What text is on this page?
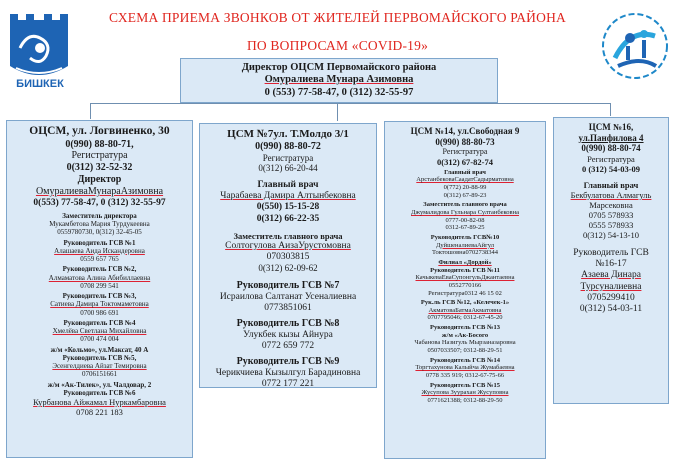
БИШКЕК
СХЕМА ПРИЕМА ЗВОНКОВ ОТ ЖИТЕЛЕЙ ПЕРВОМАЙСКОГО РАЙОНА
ПО ВОПРОСАМ «COVID-19»
Директор ОЦСМ Первомайского района
Омуралиева Мунара Азимовна
0 (553) 77-58-47, 0 (312) 32-55-97
ОЦСМ, ул. Логвиненко, 30
0(990) 88-80-71,
Регистратура
0(312) 32-52-32
Директор
ОмуралиеваМунараАзимовна
0(553) 77-58-47, 0 (312) 32-55-97
Заместитель директора
Мукамбетова Мария Турдукеевна
0559780730, 0(312) 32-45-05
Руководитель ГСВ №1
Алашаева Аида Искандеровна
0559 657 765
Руководитель ГСВ №2,
Алмаматова Алина Абибиллаевна
0708 299 541
Руководитель ГСВ №3,
Сатиева Дамира Токтомаметовна
0700 986 691
Руководитель ГСВ №4
Хмелёва Светлана Михайловна
0700 474 004
ж/м «Кольмо», ул.Максат, 40 А
Руководитель ГСВ №5,
Эсенгелдиева Айзат Темировна
0706151661
ж/м «Ак-Тилек», ул. Чалдовар, 2
Руководитель ГСВ №6
Курбанова Айжамал Нуркамбаровна
0708 221 183
ЦСМ №7ул. Т.Молдо 3/1
0(990) 88-80-72
Регистратура
0(312) 66-20-44
Главный врач
Чарабаева Дамира Алтынбековна
0(550) 15-15-28
0(312) 66-22-35
Заместитель главного врача
Солтогулова АизаУрустомовна
070303815
0(312) 62-09-62
Руководитель ГСВ №7
Исраилова Салтанат Усеналиевна
0773851061
Руководитель ГСВ №8
Улукбек кызы Айнура
0772 659 772
Руководитель ГСВ №9
Черикчиева Кызылгул Барадиновна
0772 177 221
ЦСМ №14, ул.Свободная 9
0(990) 88-80-73
Регистратура
0(312) 67-82-74
Главный врач
АрстанбековаСаадатСадырматовна
0(772) 20-88-99
0(312) 67-89-23
Заместитель главного врача
Джумалидова Гульнара Султанбековна
0777-00-82-08
0312-67-89-25
Руководитель ГСВ№10
ДуйшеналиеваАйгул
Токтошовна0702738344
Филиал «Дордой»
Руководитель ГСВ №11
КачыкеваЕваСупонгульДжантаевна
0552770166
Регистратура0312 46 15 02
Рук.ль ГСВ №12, «Келечек-1»
АкматоваБатмаАкматовна
0707795046; 0312-67-45-20
Руководитель ГСВ №13
ж/м «Ак-Босого
Чабанова Назигуль Мырзаназаровна
0507033507; 0312-88-29-51
Руководитель ГСВ №14
Торгтахунова Калыйча Жумабаевна
0778 335 919; 0312-67-75-66
Руководитель ГСВ №15
Жусупова Зуурахан Жусуповна
0771621388; 0312-88-29-50
ЦСМ №16,
ул.Панфилова 4
0(990) 88-80-74
Регистратура
0 (312) 54-03-09
Главный врач
Бекбулатова Алмагуль
Марсековна
0705 578933
0555 578933
0(312) 54-13-10
Руководитель ГСВ
№16-17
Азаева Динара
Турсуналиевна
0705299410
0(312) 54-03-11
